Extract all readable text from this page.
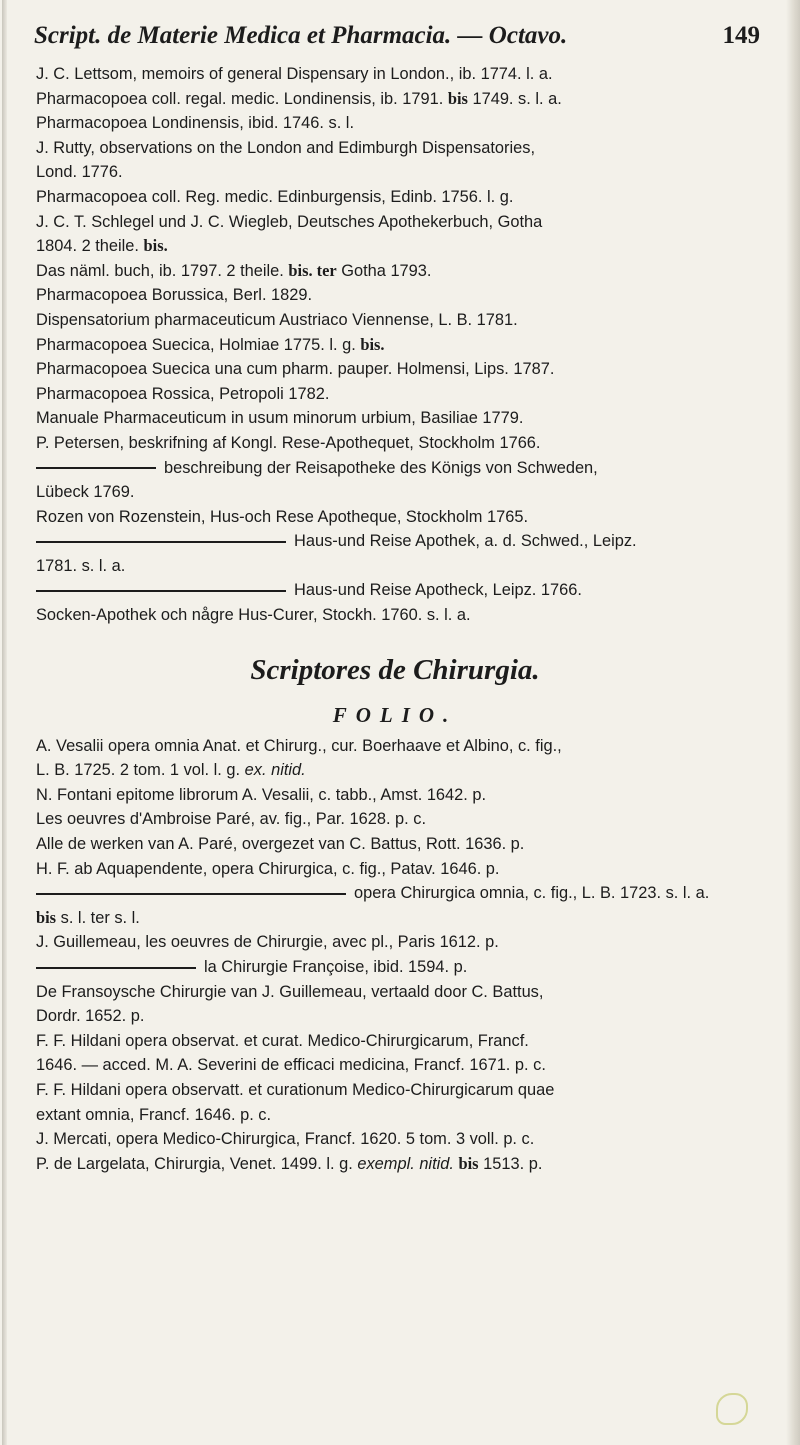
Script. de Materie Medica et Pharmacia. — Octavo.	149
J. C. Lettsom, memoirs of general Dispensary in London., ib. 1774. l. a.
Pharmacopoea coll. regal. medic. Londinensis, ib. 1791. bis 1749. s. l. a.
Pharmacopoea Londinensis, ibid. 1746. s. l.
J. Rutty, observations on the London and Edimburgh Dispensatories,
Lond. 1776.
Pharmacopoea coll. Reg. medic. Edinburgensis, Edinb. 1756. l. g.
J. C. T. Schlegel und J. C. Wiegleb, Deutsches Apothekerbuch, Gotha
1804. 2 theile. bis.
Das näml. buch, ib. 1797. 2 theile. bis. ter Gotha 1793.
Pharmacopoea Borussica, Berl. 1829.
Dispensatorium pharmaceuticum Austriaco Viennense, L. B. 1781.
Pharmacopoea Suecica, Holmiae 1775. l. g. bis.
Pharmacopoea Suecica una cum pharm. pauper. Holmensi, Lips. 1787.
Pharmacopoea Rossica, Petropoli 1782.
Manuale Pharmaceuticum in usum minorum urbium, Basiliae 1779.
P. Petersen, beskrifning af Kongl. Rese-Apothequet, Stockholm 1766.
beschreibung der Reisapotheke des Königs von Schweden,
Lübeck 1769.
Rozen von Rozenstein, Hus-och Rese Apotheque, Stockholm 1765.
Haus-und Reise Apothek, a. d. Schwed., Leipz.
1781. s. l. a.
Haus-und Reise Apotheck, Leipz. 1766.
Socken-Apothek och någre Hus-Curer, Stockh. 1760. s. l. a.
Scriptores de Chirurgia.
FOLIO.
A. Vesalii opera omnia Anat. et Chirurg., cur. Boerhaave et Albino, c. fig.,
L. B. 1725. 2 tom. 1 vol. l. g. ex. nitid.
N. Fontani epitome librorum A. Vesalii, c. tabb., Amst. 1642. p.
Les oeuvres d'Ambroise Paré, av. fig., Par. 1628. p. c.
Alle de werken van A. Paré, overgezet van C. Battus, Rott. 1636. p.
H. F. ab Aquapendente, opera Chirurgica, c. fig., Patav. 1646. p.
opera Chirurgica omnia, c. fig., L. B. 1723. s. l. a.
bis s. l. ter s. l.
J. Guillemeau, les oeuvres de Chirurgie, avec pl., Paris 1612. p.
la Chirurgie Françoise, ibid. 1594. p.
De Fransoysche Chirurgie van J. Guillemeau, vertaald door C. Battus,
Dordr. 1652. p.
F. F. Hildani opera observat. et curat. Medico-Chirurgicarum, Francf.
1646. — acced. M. A. Severini de efficaci medicina, Francf. 1671. p. c.
F. F. Hildani opera observatt. et curationum Medico-Chirurgicarum quae
extant omnia, Francf. 1646. p. c.
J. Mercati, opera Medico-Chirurgica, Francf. 1620. 5 tom. 3 voll. p. c.
P. de Largelata, Chirurgia, Venet. 1499. l. g. exempl. nitid. bis 1513. p.
